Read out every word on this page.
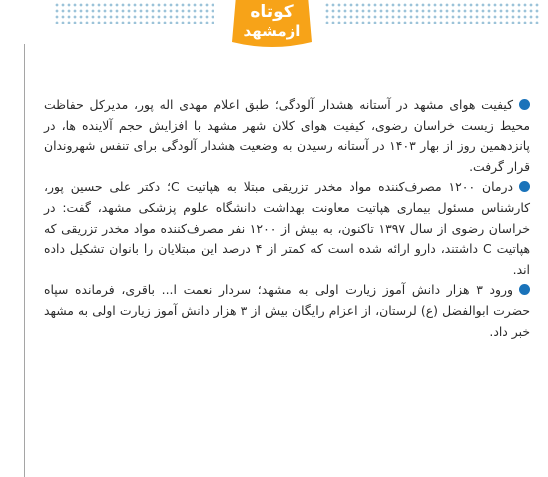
کوتاه
ازمشهد

کیفیت هوای مشهد در آستانه هشدار آلودگی؛ طبق اعلام مهدی اله پور، مدیرکل حفاظت محیط زیست خراسان رضوی، کیفیت هوای کلان شهر مشهد با افزایش حجم آلاینده ها، در پانزدهمین روز از بهار ۱۴۰۳ در آستانه رسیدن به وضعیت هشدار آلودگی برای تنفس شهروندان قرار گرفت.

درمان ۱۲۰۰ مصرف‌کننده مواد مخدر تزریقی مبتلا به هپاتیت C؛ دکتر علی حسین پور، کارشناس مسئول بیماری هپاتیت معاونت بهداشت دانشگاه علوم پزشکی مشهد، گفت: در خراسان رضوی از سال ۱۳۹۷ تاکنون، به بیش از ۱۲۰۰ نفر مصرف‌کننده مواد مخدر تزریقی که هپاتیت C داشتند، دارو ارائه شده است که کمتر از ۴ درصد این مبتلایان را بانوان تشکیل داده اند.

ورود ۳ هزار دانش آموز زیارت اولی به مشهد؛ سردار نعمت ا... باقری، فرمانده سپاه حضرت ابوالفضل (ع) لرستان، از اعزام رایگان بیش از ۳ هزار دانش آموز زیارت اولی به مشهد خبر داد.
